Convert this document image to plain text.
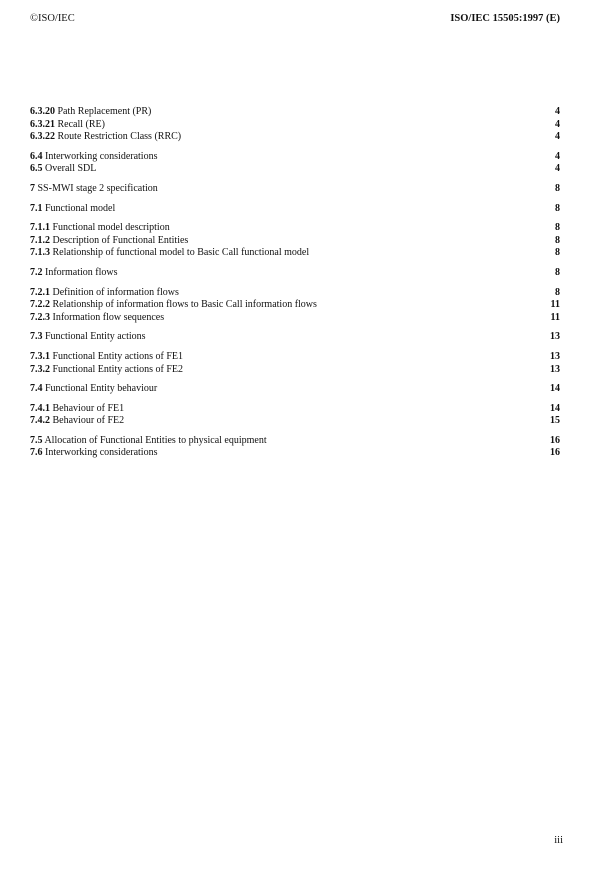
©ISO/IEC	ISO/IEC 15505:1997 (E)
6.3.20 Path Replacement (PR)	4
6.3.21 Recall (RE)	4
6.3.22 Route Restriction Class (RRC)	4
6.4 Interworking considerations	4
6.5 Overall SDL	4
7 SS-MWI stage 2 specification	8
7.1 Functional model	8
7.1.1 Functional model description	8
7.1.2 Description of Functional Entities	8
7.1.3 Relationship of functional model to Basic Call functional model	8
7.2 Information flows	8
7.2.1 Definition of information flows	8
7.2.2 Relationship of information flows to Basic Call information flows	11
7.2.3 Information flow sequences	11
7.3 Functional Entity actions	13
7.3.1 Functional Entity actions of FE1	13
7.3.2 Functional Entity actions of FE2	13
7.4 Functional Entity behaviour	14
7.4.1 Behaviour of FE1	14
7.4.2 Behaviour of FE2	15
7.5 Allocation of Functional Entities to physical equipment	16
7.6 Interworking considerations	16
iii
